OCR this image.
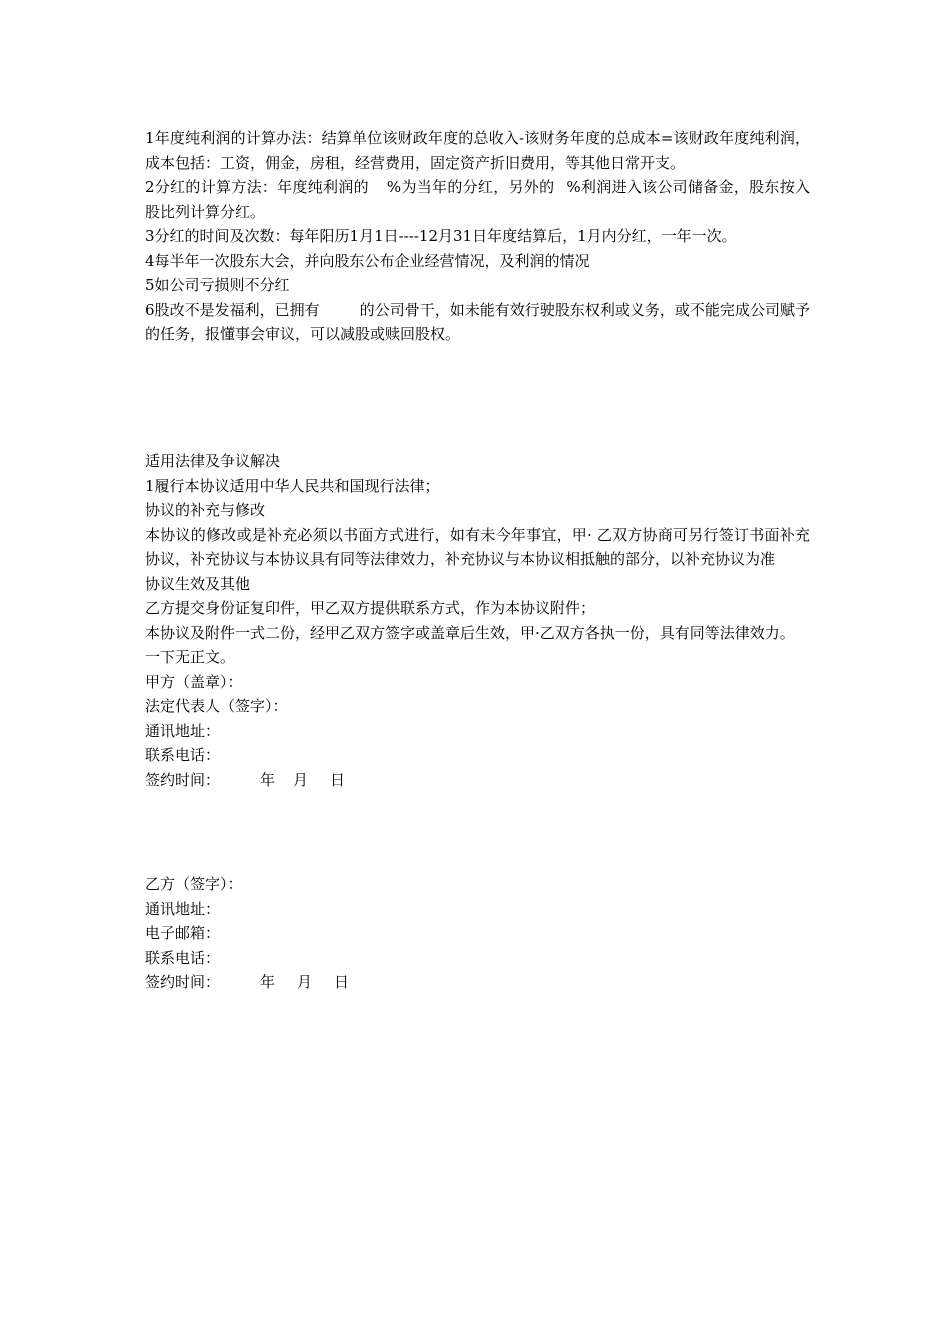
1年度纯利润的计算办法：结算单位该财政年度的总收入-该财务年度的总成本=该财政年度纯利润，成本包括：工资，佣金，房租，经营费用，固定资产折旧费用，等其他日常开支。

2分红的计算方法：年度纯利润的 %为当年的分红，另外的 %利润进入该公司储备金，股东按入股比列计算分红。

3分红的时间及次数：每年阳历1月1日----12月31日年度结算后，1月内分红，一年一次。

4每半年一次股东大会，并向股东公布企业经营情况，及利润的情况

5如公司亏损则不分红

6股改不是发福利，已拥有	的公司骨干，如未能有效行驶股东权利或义务，或不能完成公司赋予的任务，报懂事会审议，可以减股或赎回股权。

适用法律及争议解决

1履行本协议适用中华人民共和国现行法律；

协议的补充与修改

本协议的修改或是补充必须以书面方式进行，如有未今年事宜，甲· 乙双方协商可另行签订书面补充协议，补充协议与本协议具有同等法律效力，补充协议与本协议相抵触的部分，以补充协议为准

协议生效及其他

乙方提交身份证复印件，甲乙双方提供联系方式，作为本协议附件；

本协议及附件一式二份，经甲乙双方签字或盖章后生效，甲·乙双方各执一份，具有同等法律效力。

一下无正文。

甲方（盖章）：

法定代表人（签字）：

通讯地址：

联系电话：

签约时间：	年 月 日

乙方（签字）：

通讯地址：

电子邮箱：

联系电话：

签约时间：	年 月 日
